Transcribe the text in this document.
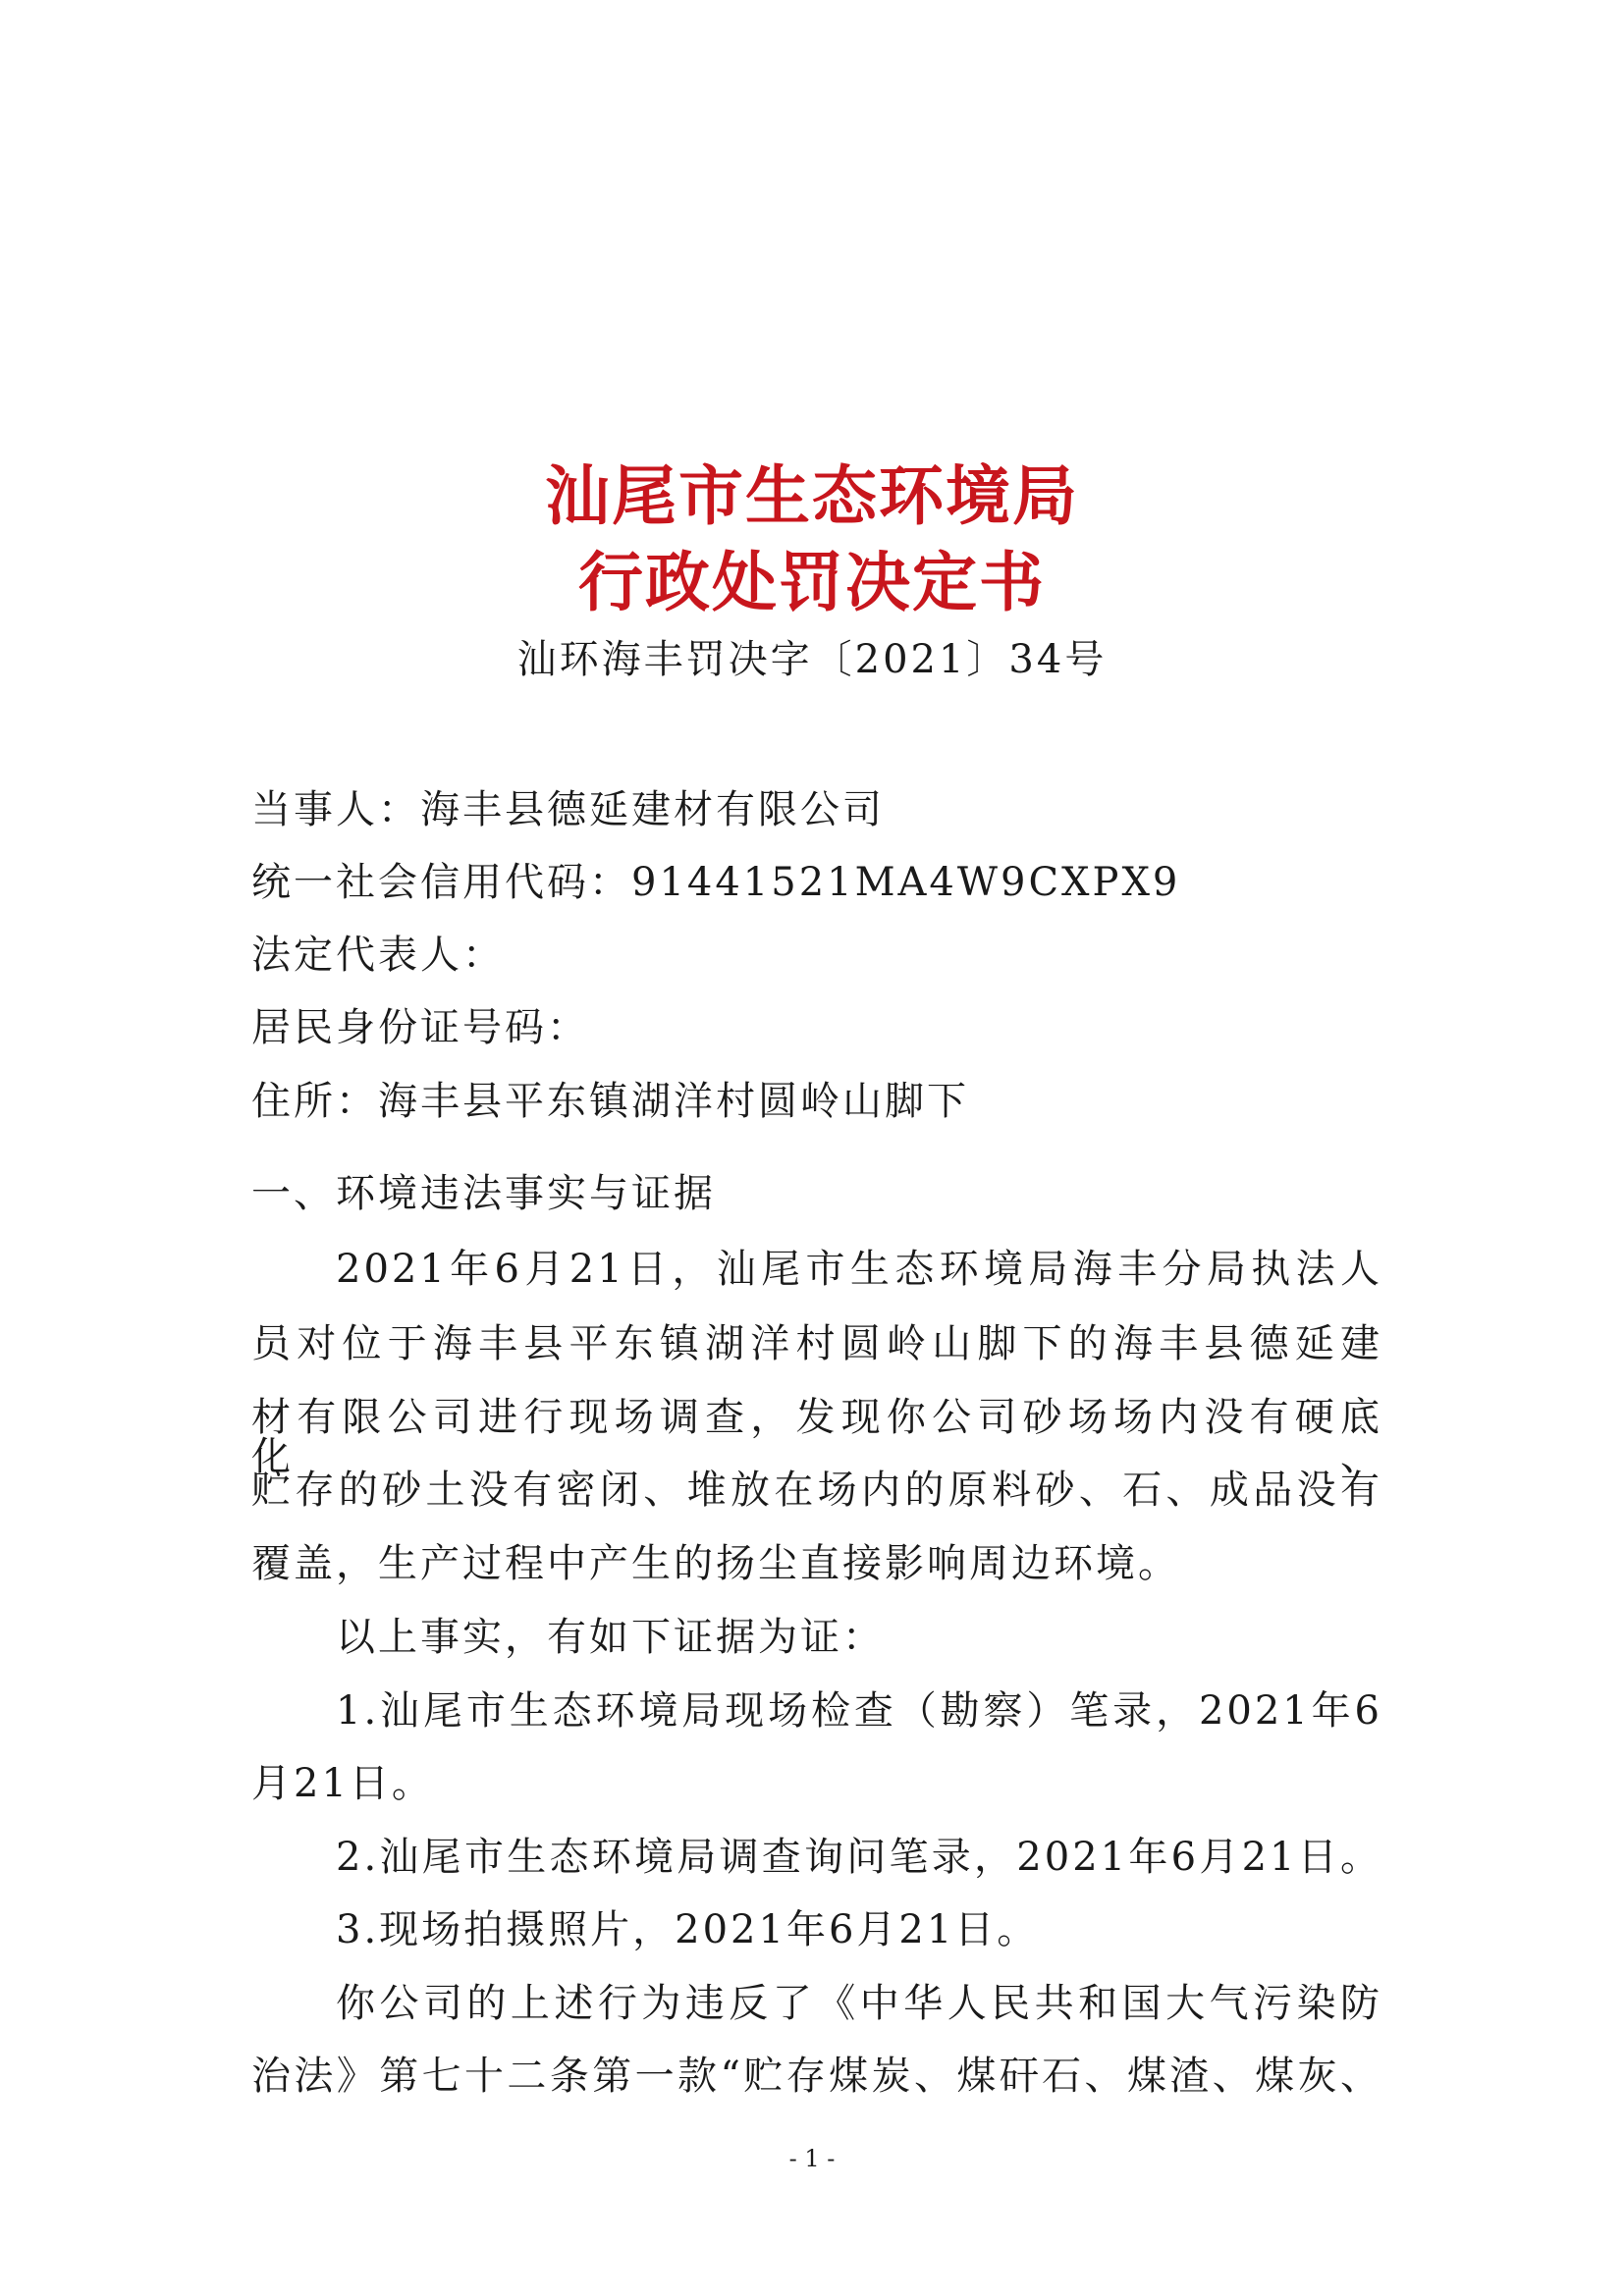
汕尾市生态环境局
行政处罚决定书
汕环海丰罚决字〔2021〕34号
当事人：海丰县德延建材有限公司
统一社会信用代码：91441521MA4W9CXPX9
法定代表人：
居民身份证号码：
住所：海丰县平东镇湖洋村圆岭山脚下
一、环境违法事实与证据
2021年6月21日，汕尾市生态环境局海丰分局执法人
员对位于海丰县平东镇湖洋村圆岭山脚下的海丰县德延建
材有限公司进行现场调查，发现你公司砂场场内没有硬底化、
贮存的砂土没有密闭、堆放在场内的原料砂、石、成品没有
覆盖，生产过程中产生的扬尘直接影响周边环境。
以上事实，有如下证据为证：
1.汕尾市生态环境局现场检查（勘察）笔录，2021年6
月21日。
2.汕尾市生态环境局调查询问笔录，2021年6月21日。
3.现场拍摄照片，2021年6月21日。
你公司的上述行为违反了《中华人民共和国大气污染防
治法》第七十二条第一款“贮存煤炭、煤矸石、煤渣、煤灰、
- 1 -
